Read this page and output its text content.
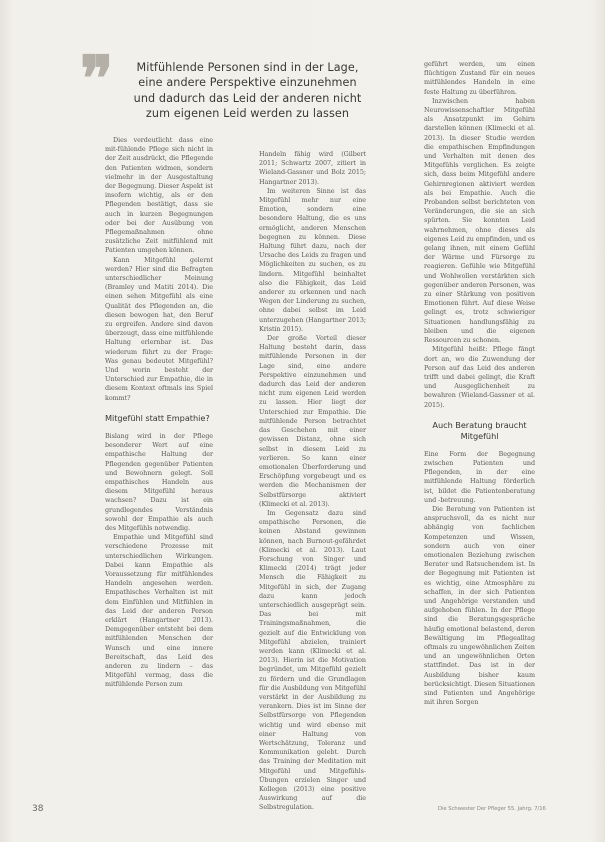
❞	Mitfühlende Personen sind in der Lage,
eine andere Perspektive einzunehmen
und dadurch das Leid der anderen nicht
zum eigenen Leid werden zu lassen

Dies verdeutlicht dass eine mit-fühlende Pflege sich nicht in der Zeit ausdrückt, die Pflegende den Patienten widmen, sondern vielmehr in der Ausgestaltung der Begegnung. Dieser Aspekt ist insofern wichtig, als er den Pflegenden bestätigt, dass sie auch in kurzen Begegnungen oder bei der Ausübung von Pflegemaßnahmen ohne zusätzliche Zeit mitfühlend mit Patienten umgehen können.

Kann Mitgefühl gelernt werden? Hier sind die Befragten unterschiedlicher Meinung (Bramley und Matiti 2014). Die einen sehen Mitgefühl als eine Qualität des Pflegenden an, die diesen bewogen hat, den Beruf zu ergreifen. Andere sind davon überzeugt, dass eine mitfühlende Haltung erlernbar ist. Das wiederum führt zu der Frage: Was genau bedeutet Mitgefühl? Und worin besteht der Unterschied zur Empathie, die in diesem Kontext oftmals ins Spiel kommt?

Mitgefühl statt Empathie?

Bislang wird in der Pflege besonderer Wert auf eine empathische Haltung der Pflegenden gegenüber Patienten und Bewohnern gelegt. Soll empathisches Handeln aus diesem Mitgefühl heraus wachsen? Dazu ist ein grundlegendes Verständnis sowohl der Empathie als auch des Mitgefühls notwendig.

Empathie und Mitgefühl sind verschiedene Prozesse mit unterschiedlichen Wirkungen. Dabei kann Empathie als Voraussetzung für mitfühlendes Handeln angesehen werden. Empathisches Verhalten ist mit dem Einfühlen und Mitfühlen in das Leid der anderen Person erklärt (Hangartner 2013). Demgegenüber entsteht bei dem mitfühlenden Menschen der Wunsch und eine innere Bereitschaft, das Leid des anderen zu lindern – das Mitgefühl vermag, dass die mitfühlende Person zum

Handeln fähig wird (Gilbert 2011; Schwartz 2007, zitiert in Wieland-Gassner und Bolz 2015; Hangartner 2013).

Im weiteren Sinne ist das Mitgefühl mehr nur eine Emotion, sondern eine besondere Haltung, die es uns ermöglicht, anderen Menschen begegnen zu können. Diese Haltung führt dazu, nach der Ursache des Leids zu fragen und Möglichkeiten zu suchen, es zu lindern. Mitgefühl beinhaltet also die Fähigkeit, das Leid anderer zu erkennen und nach Wegen der Linderung zu suchen, ohne dabei selbst im Leid unterzugehen (Hangartner 2013; Kristin 2015).

Der große Vorteil dieser Haltung besteht darin, dass mitfühlende Personen in der Lage sind, eine andere Perspektive einzunehmen und dadurch das Leid der anderen nicht zum eigenen Leid werden zu lassen. Hier liegt der Unterschied zur Empathie. Die mitfühlende Person betrachtet das Geschehen mit einer gewissen Distanz, ohne sich selbst in diesem Leid zu verlieren. So kann einer emotionalen Überforderung und Erschöpfung vorgebeugt und es werden die Mechanismen der Selbstfürsorge aktiviert (Klimecki et al. 2013).

Im Gegensatz dazu sind empathische Personen, die keinen Abstand gewinnen können, nach Burnout-gefährdet (Klimecki et al. 2013). Laut Forschung von Singer und Klimecki (2014) trägt jeder Mensch die Fähigkeit zu Mitgefühl in sich, der Zugang dazu kann jedoch unterschiedlich ausgeprägt sein. Das bei mit Trainingsmaßnahmen, die gezielt auf die Entwicklung von Mitgefühl abzielen, trainiert werden kann (Klimecki et al. 2013). Hierin ist die Motivation begründet, um Mitgefühl gezielt zu fördern und die Grundlagen für die Ausbildung von Mitgefühl verstärkt in der Ausbildung zu verankern. Dies ist im Sinne der Selbstfürsorge von Pflegenden wichtig und wird ebenso mit einer Haltung von Wertschätzung, Toleranz und Kommunikation gelebt. Durch das Training der Meditation mit Mitgefühl und Mitgefühls-Übungen erzielen Singer und Kollegen (2013) eine positive Auswirkung auf die Selbstregulation.

geführt werden, um einen flüchtigen Zustand für ein neues mitfühlendes Handeln in eine feste Haltung zu überführen.

Inzwischen haben Neurowissenschaftler Mitgefühl als Ansatzpunkt im Gehirn darstellen können (Klimecki et al. 2013). In dieser Studie werden die empathischen Empfindungen und Verhalten mit denen des Mitgefühls verglichen. Es zeigte sich, dass beim Mitgefühl andere Gehirnregionen aktiviert werden als bei Empathie. Auch die Probanden selbst berichteten von Veränderungen, die sie an sich spürten. Sie konnten Leid wahrnehmen, ohne dieses als eigenes Leid zu empfinden, und es gelang ihnen, mit einem Gefühl der Wärme und Fürsorge zu reagieren. Gefühle wie Mitgefühl und Wohlwollen verstärkten sich gegenüber anderen Personen, was zu einer Stärkung von positiven Emotionen führt. Auf diese Weise gelingt es, trotz schwieriger Situationen handlungsfähig zu bleiben und die eigenen Ressourcen zu schonen.

Mitgefühl heißt: Pflege fängt dort an, wo die Zuwendung der Person auf das Leid des anderen trifft und dabei gelingt, die Kraft und Ausgeglichenheit zu bewahren (Wieland-Gassner et al. 2015).

Auch Beratung braucht
Mitgefühl

Eine Form der Begegnung zwischen Patienten und Pflegenden, in der eine mitfühlende Haltung förderlich ist, bildet die Patientenberatung und -betreuung.

Die Beratung von Patienten ist anspruchsvoll, da es nicht nur abhängig von fachlichen Kompetenzen und Wissen, sondern auch von einer emotionalen Beziehung zwischen Berater und Ratsuchendem ist. In der Begegnung mit Patienten ist es wichtig, eine Atmosphäre zu schaffen, in der sich Patienten und Angehörige verstanden und aufgehoben fühlen. In der Pflege sind die Beratungsgespräche häufig emotional belastend, deren Bewältigung im Pflegealltag oftmals zu ungewöhnlichen Zeiten und an ungewöhnlichen Orten stattfindet. Das ist in der Ausbildung bisher kaum berücksichtigt. Diesen Situationen sind Patienten und Angehörige mit ihren Sorgen

38	Die Schwester Der Pfleger 55. Jahrg. 7/16
